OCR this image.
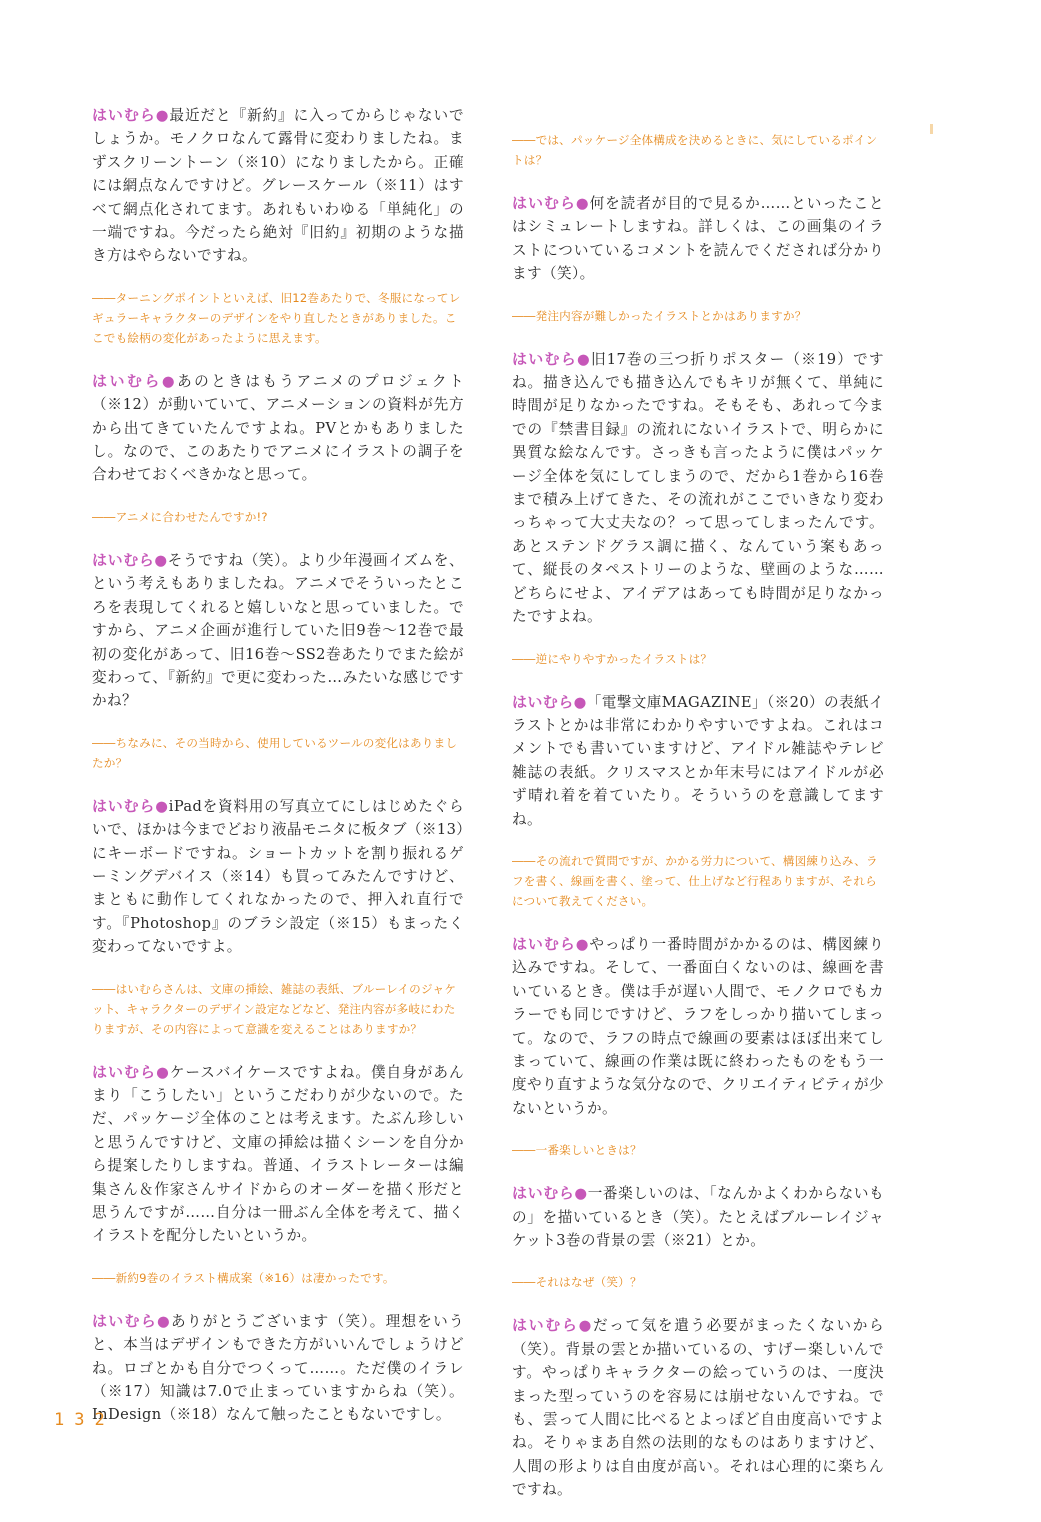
はいむら●最近だと『新約』に入ってからじゃないでしょうか。モノクロなんて露骨に変わりましたね。まずスクリーントーン（※10）になりましたから。正確には網点なんですけど。グレースケール（※11）はすべて網点化されてます。あれもいわゆる「単純化」の一端ですね。今だったら絶対『旧約』初期のような描き方はやらないですね。

――ターニングポイントといえば、旧12巻あたりで、冬服になってレギュラーキャラクターのデザインをやり直したときがありました。ここでも絵柄の変化があったように思えます。

はいむら●あのときはもうアニメのプロジェクト（※12）が動いていて、アニメーションの資料が先方から出てきていたんですよね。PVとかもありましたし。なので、このあたりでアニメにイラストの調子を合わせておくべきかなと思って。

――アニメに合わせたんですか!?

はいむら●そうですね（笑）。より少年漫画イズムを、という考えもありましたね。アニメでそういったところを表現してくれると嬉しいなと思っていました。ですから、アニメ企画が進行していた旧9巻～12巻で最初の変化があって、旧16巻～SS2巻あたりでまた絵が変わって、『新約』で更に変わった…みたいな感じですかね？

――ちなみに、その当時から、使用しているツールの変化はありましたか？

はいむら●iPadを資料用の写真立てにしはじめたぐらいで、ほかは今までどおり液晶モニタに板タブ（※13）にキーボードですね。ショートカットを割り振れるゲーミングデバイス（※14）も買ってみたんですけど、まともに動作してくれなかったので、押入れ直行です。『Photoshop』のブラシ設定（※15）もまったく変わってないですよ。

――はいむらさんは、文庫の挿絵、雑誌の表紙、ブルーレイのジャケット、キャラクターのデザイン設定などなど、発注内容が多岐にわたりますが、その内容によって意識を変えることはありますか？

はいむら●ケースバイケースですよね。僕自身があんまり「こうしたい」というこだわりが少ないので。ただ、パッケージ全体のことは考えます。たぶん珍しいと思うんですけど、文庫の挿絵は描くシーンを自分から提案したりしますね。普通、イラストレーターは編集さん＆作家さんサイドからのオーダーを描く形だと思うんですが……自分は一冊ぶん全体を考えて、描くイラストを配分したいというか。

――新約9巻のイラスト構成案（※16）は凄かったです。

はいむら●ありがとうございます（笑）。理想をいうと、本当はデザインもできた方がいいんでしょうけどね。ロゴとかも自分でつくって……。ただ僕のイラレ（※17）知識は7.0で止まっていますからね（笑）。InDesign（※18）なんて触ったこともないですし。

――では、パッケージ全体構成を決めるときに、気にしているポイントは？

はいむら●何を読者が目的で見るか……といったことはシミュレートしますね。詳しくは、この画集のイラストについているコメントを読んでくだされば分かります（笑）。

――発注内容が難しかったイラストとかはありますか？

はいむら●旧17巻の三つ折りポスター（※19）ですね。描き込んでも描き込んでもキリが無くて、単純に時間が足りなかったですね。そもそも、あれって今までの『禁書目録』の流れにないイラストで、明らかに異質な絵なんです。さっきも言ったように僕はパッケージ全体を気にしてしまうので、だから1巻から16巻まで積み上げてきた、その流れがここでいきなり変わっちゃって大丈夫なの？って思ってしまったんです。あとステンドグラス調に描く、なんていう案もあって、縦長のタペストリーのような、壁画のような……どちらにせよ、アイデアはあっても時間が足りなかったですよね。

――逆にやりやすかったイラストは？

はいむら●「電撃文庫MAGAZINE」（※20）の表紙イラストとかは非常にわかりやすいですよね。これはコメントでも書いていますけど、アイドル雑誌やテレビ雑誌の表紙。クリスマスとか年末号にはアイドルが必ず晴れ着を着ていたり。そういうのを意識してますね。

――その流れで質問ですが、かかる労力について、構図練り込み、ラフを書く、線画を書く、塗って、仕上げなど行程ありますが、それらについて教えてください。

はいむら●やっぱり一番時間がかかるのは、構図練り込みですね。そして、一番面白くないのは、線画を書いているとき。僕は手が遅い人間で、モノクロでもカラーでも同じですけど、ラフをしっかり描いてしまって。なので、ラフの時点で線画の要素はほぼ出来てしまっていて、線画の作業は既に終わったものをもう一度やり直すような気分なので、クリエイティビティが少ないというか。

――一番楽しいときは？

はいむら●一番楽しいのは、「なんかよくわからないもの」を描いているとき（笑）。たとえばブルーレイジャケット3巻の背景の雲（※21）とか。

――それはなぜ（笑）？

はいむら●だって気を遣う必要がまったくないから（笑）。背景の雲とか描いているの、すげー楽しいんです。やっぱりキャラクターの絵っていうのは、一度決まった型っていうのを容易には崩せないんですね。でも、雲って人間に比べるとよっぽど自由度高いですよね。そりゃまあ自然の法則的なものはありますけど、人間の形よりは自由度が高い。それは心理的に楽ちんですね。

132
